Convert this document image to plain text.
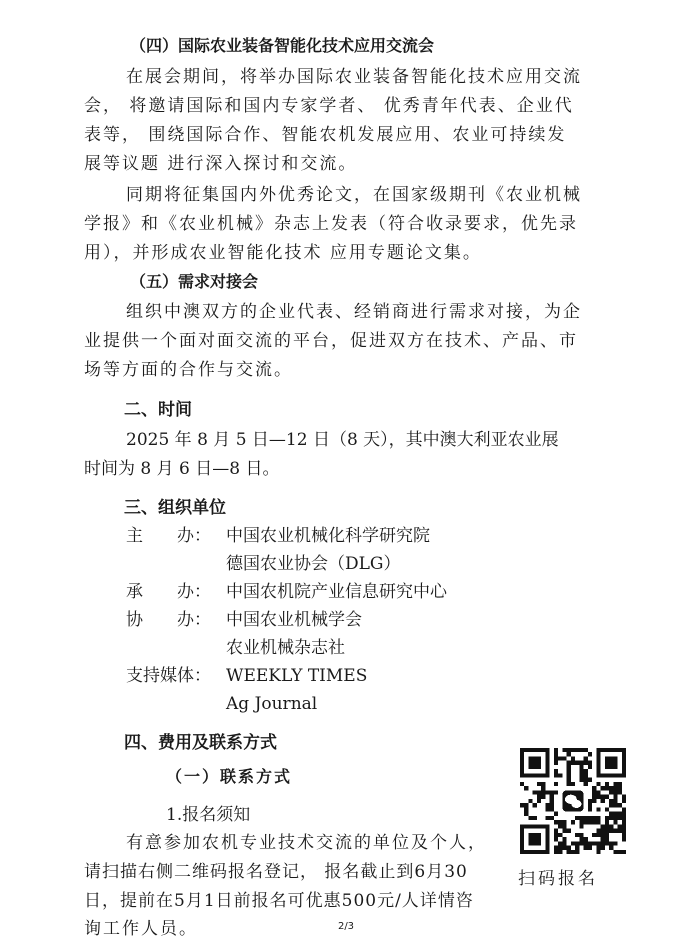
（四）国际农业装备智能化技术应用交流会
在展会期间，将举办国际农业装备智能化技术应用交流
会， 将邀请国际和国内专家学者、 优秀青年代表、企业代
表等， 围绕国际合作、智能农机发展应用、农业可持续发
展等议题 进行深入探讨和交流。
同期将征集国内外优秀论文，在国家级期刊《农业机械
学报》和《农业机械》杂志上发表（符合收录要求，优先录
用），并形成农业智能化技术 应用专题论文集。
（五）需求对接会
组织中澳双方的企业代表、经销商进行需求对接，为企
业提供一个面对面交流的平台，促进双方在技术、产品、市
场等方面的合作与交流。
二、时间
2025 年 8 月 5 日—12 日（8 天），其中澳大利亚农业展
时间为 8 月 6 日—8 日。
三、组织单位
主　　办： 中国农业机械化科学研究院
德国农业协会（DLG）
承　　办： 中国农机院产业信息研究中心
协　　办： 中国农业机械学会
农业机械杂志社
支持媒体： WEEKLY TIMES
Ag Journal
四、费用及联系方式
（一）联系方式
1.报名须知
有意参加农机专业技术交流的单位及个人，
请扫描右侧二维码报名登记， 报名截止到6月30
日，提前在5月1日前报名可优惠500元/人详情咨
询工作人员。
扫码报名
2/3
